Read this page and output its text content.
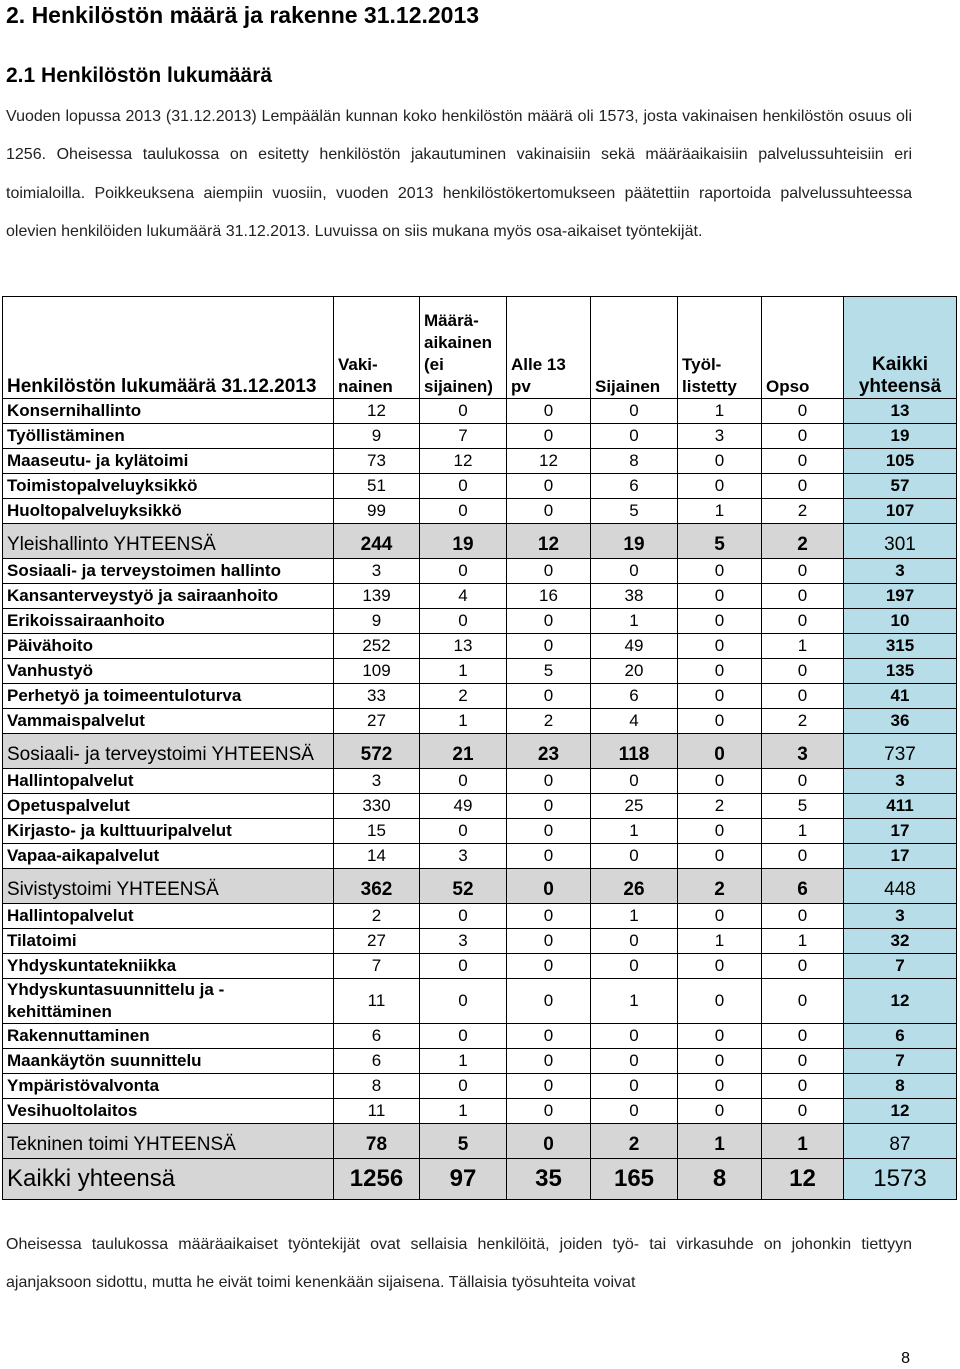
2. Henkilöstön määrä ja rakenne 31.12.2013
2.1 Henkilöstön lukumäärä

Vuoden lopussa 2013 (31.12.2013) Lempäälän kunnan koko henkilöstön määrä oli 1573, josta vakinaisen henkilöstön osuus oli 1256. Oheisessa taulukossa on esitetty henkilöstön jakautuminen vakinaisiin sekä määräaikaisiin palvelussuhteisiin eri toimialoilla. Poikkeuksena aiempiin vuosiin, vuoden 2013 henkilöstökertomukseen päätettiin raportoida palvelussuhteessa olevien henkilöiden lukumäärä 31.12.2013. Luvuissa on siis mukana myös osa-aikaiset työntekijät.

Henkilöstön lukumäärä 31.12.2013	Vaki-nainen	Määrä-aikainen (ei sijainen)	Alle 13 pv	Sijainen	Työl-listetty	Opso	Kaikki yhteensä
Konsernihallinto	12	0	0	0	1	0	13
Työllistäminen	9	7	0	0	3	0	19
Maaseutu- ja kylätoimi	73	12	12	8	0	0	105
Toimistopalveluyksikkö	51	0	0	6	0	0	57
Huoltopalveluyksikkö	99	0	0	5	1	2	107
Yleishallinto YHTEENSÄ	244	19	12	19	5	2	301
Sosiaali- ja terveystoimen hallinto	3	0	0	0	0	0	3
Kansanterveystyö ja sairaanhoito	139	4	16	38	0	0	197
Erikoissairaanhoito	9	0	0	1	0	0	10
Päivähoito	252	13	0	49	0	1	315
Vanhustyö	109	1	5	20	0	0	135
Perhetyö ja toimeentuloturva	33	2	0	6	0	0	41
Vammaispalvelut	27	1	2	4	0	2	36
Sosiaali- ja terveystoimi YHTEENSÄ	572	21	23	118	0	3	737
Hallintopalvelut	3	0	0	0	0	0	3
Opetuspalvelut	330	49	0	25	2	5	411
Kirjasto- ja kulttuuripalvelut	15	0	0	1	0	1	17
Vapaa-aikapalvelut	14	3	0	0	0	0	17
Sivistystoimi YHTEENSÄ	362	52	0	26	2	6	448
Hallintopalvelut	2	0	0	1	0	0	3
Tilatoimi	27	3	0	0	1	1	32
Yhdyskuntatekniikka	7	0	0	0	0	0	7
Yhdyskuntasuunnittelu ja -kehittäminen	11	0	0	1	0	0	12
Rakennuttaminen	6	0	0	0	0	0	6
Maankäytön suunnittelu	6	1	0	0	0	0	7
Ympäristövalvonta	8	0	0	0	0	0	8
Vesihuoltolaitos	11	1	0	0	0	0	12
Tekninen toimi YHTEENSÄ	78	5	0	2	1	1	87
Kaikki yhteensä	1256	97	35	165	8	12	1573

Oheisessa taulukossa määräaikaiset työntekijät ovat sellaisia henkilöitä, joiden työ- tai virkasuhde on johonkin tiettyyn ajanjaksoon sidottu, mutta he eivät toimi kenenkään sijaisena. Tällaisia työsuhteita voivat

8
